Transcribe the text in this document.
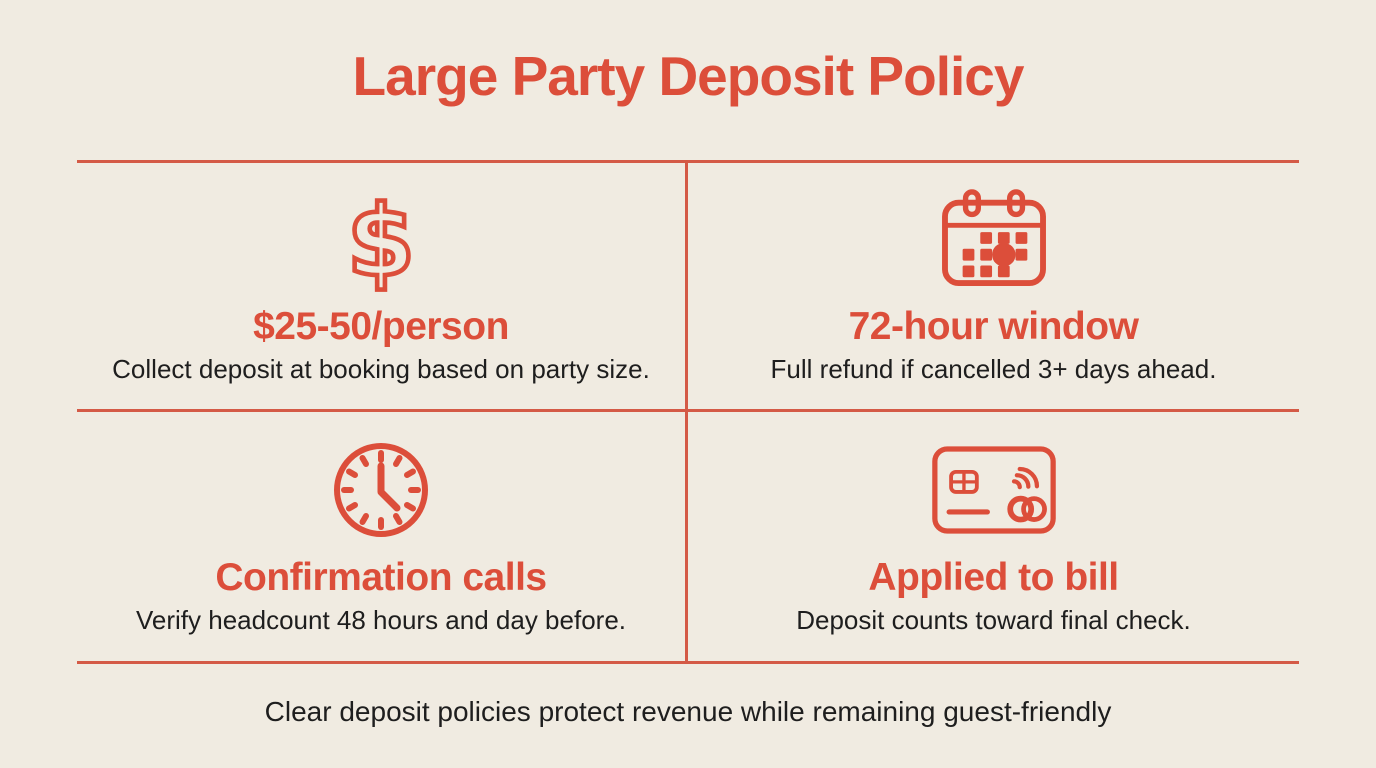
Large Party Deposit Policy
$
$25-50/person

Collect deposit at booking based on party size.

72-hour window

Full refund if cancelled 3+ days ahead.

Confirmation calls

Verify headcount 48 hours and day before.

Applied to bill

Deposit counts toward final check.

Clear deposit policies protect revenue while remaining guest-friendly
